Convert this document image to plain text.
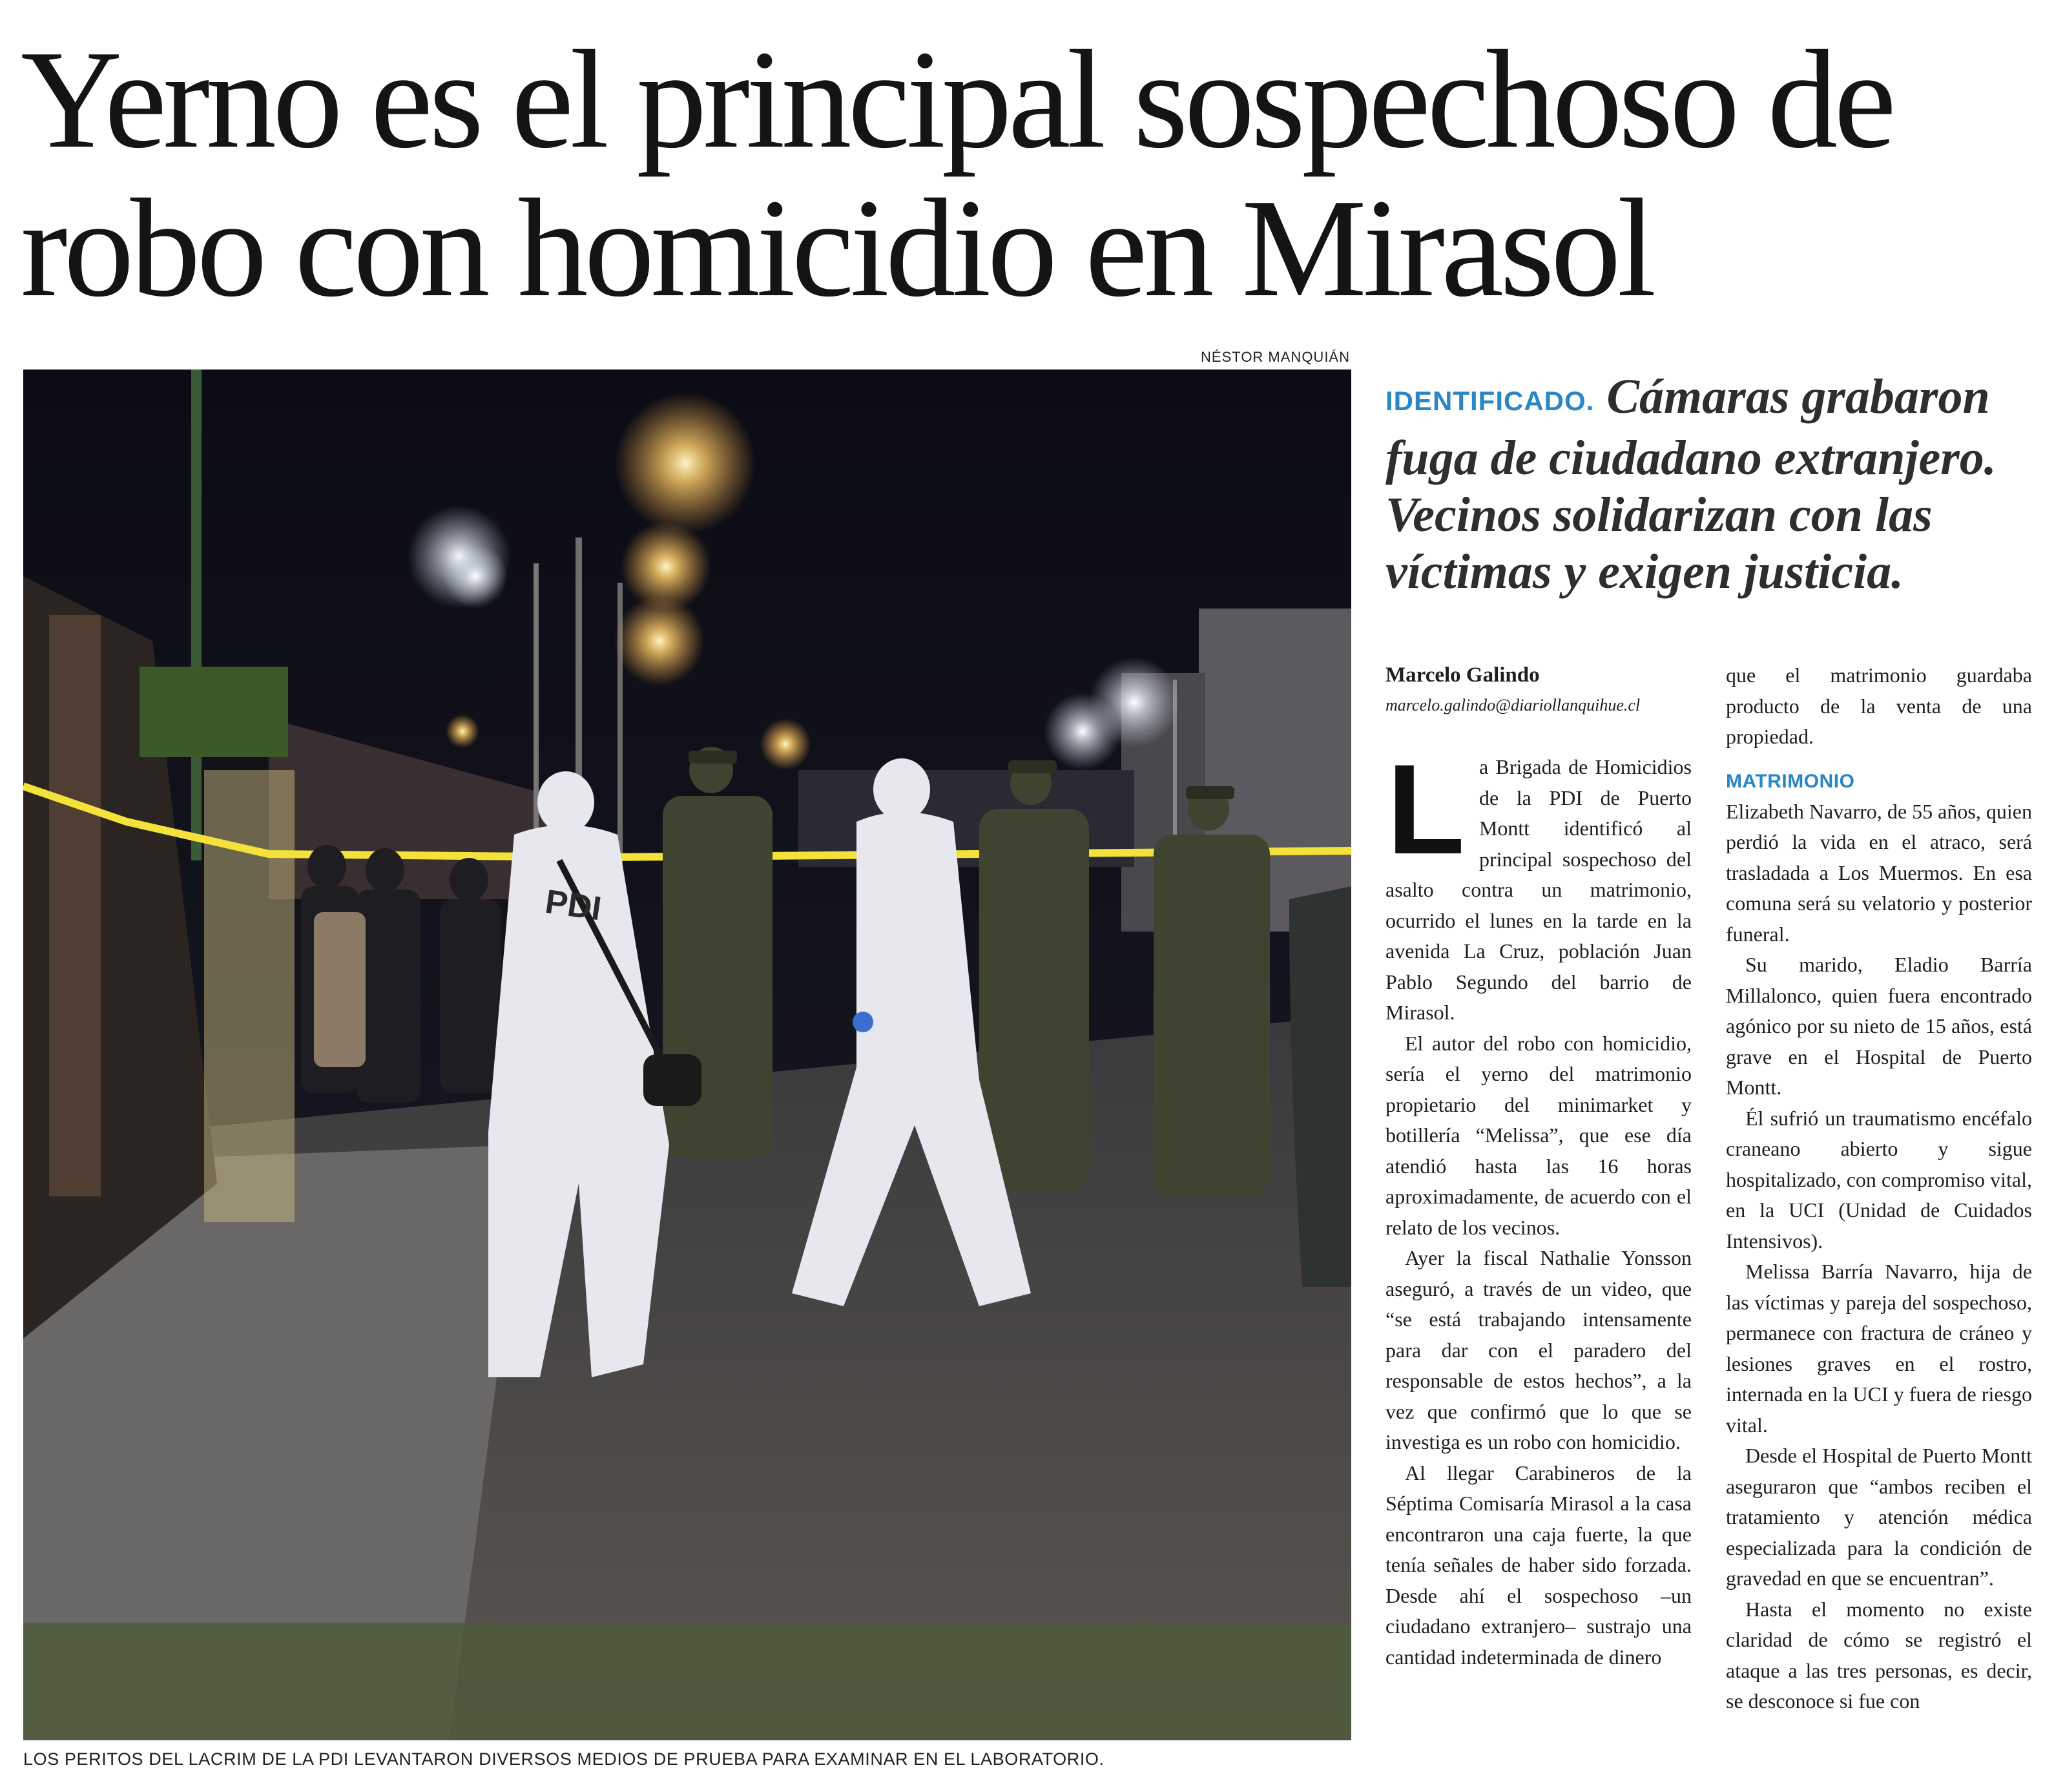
Yerno es el principal sospechoso de robo con homicidio en Mirasol
NÉSTOR MANQUIÁN
PDI
LOS PERITOS DEL LACRIM DE LA PDI LEVANTARON DIVERSOS MEDIOS DE PRUEBA PARA EXAMINAR EN EL LABORATORIO.
IDENTIFICADO. Cámaras grabaron fuga de ciudadano extranjero. Vecinos solidarizan con las víctimas y exigen justicia.
Marcelo Galindo
marcelo.galindo@diariollanquihue.cl

La Brigada de Homicidios de la PDI de Puerto Montt identificó al principal sospechoso del asalto contra un matrimonio, ocurrido el lunes en la tarde en la avenida La Cruz, población Juan Pablo Segundo del barrio de Mirasol.

El autor del robo con homicidio, sería el yerno del matrimonio propietario del minimarket y botillería “Melissa”, que ese día atendió hasta las 16 horas aproximadamente, de acuerdo con el relato de los vecinos.

Ayer la fiscal Nathalie Yonsson aseguró, a través de un video, que “se está trabajando intensamente para dar con el paradero del responsable de estos hechos”, a la vez que confirmó que lo que se investiga es un robo con homicidio.

Al llegar Carabineros de la Séptima Comisaría Mirasol a la casa encontraron una caja fuerte, la que tenía señales de haber sido forzada. Desde ahí el sospechoso –un ciudadano extranjero– sustrajo una cantidad indeterminada de dinero

que el matrimonio guardaba producto de la venta de una propiedad.

MATRIMONIO

Elizabeth Navarro, de 55 años, quien perdió la vida en el atraco, será trasladada a Los Muermos. En esa comuna será su velatorio y posterior funeral.

Su marido, Eladio Barría Millalonco, quien fuera encontrado agónico por su nieto de 15 años, está grave en el Hospital de Puerto Montt.

Él sufrió un traumatismo encéfalo craneano abierto y sigue hospitalizado, con compromiso vital, en la UCI (Unidad de Cuidados Intensivos).

Melissa Barría Navarro, hija de las víctimas y pareja del sospechoso, permanece con fractura de cráneo y lesiones graves en el rostro, internada en la UCI y fuera de riesgo vital.

Desde el Hospital de Puerto Montt aseguraron que “ambos reciben el tratamiento y atención médica especializada para la condición de gravedad en que se encuentran”.

Hasta el momento no existe claridad de cómo se registró el ataque a las tres personas, es decir, se desconoce si fue con
